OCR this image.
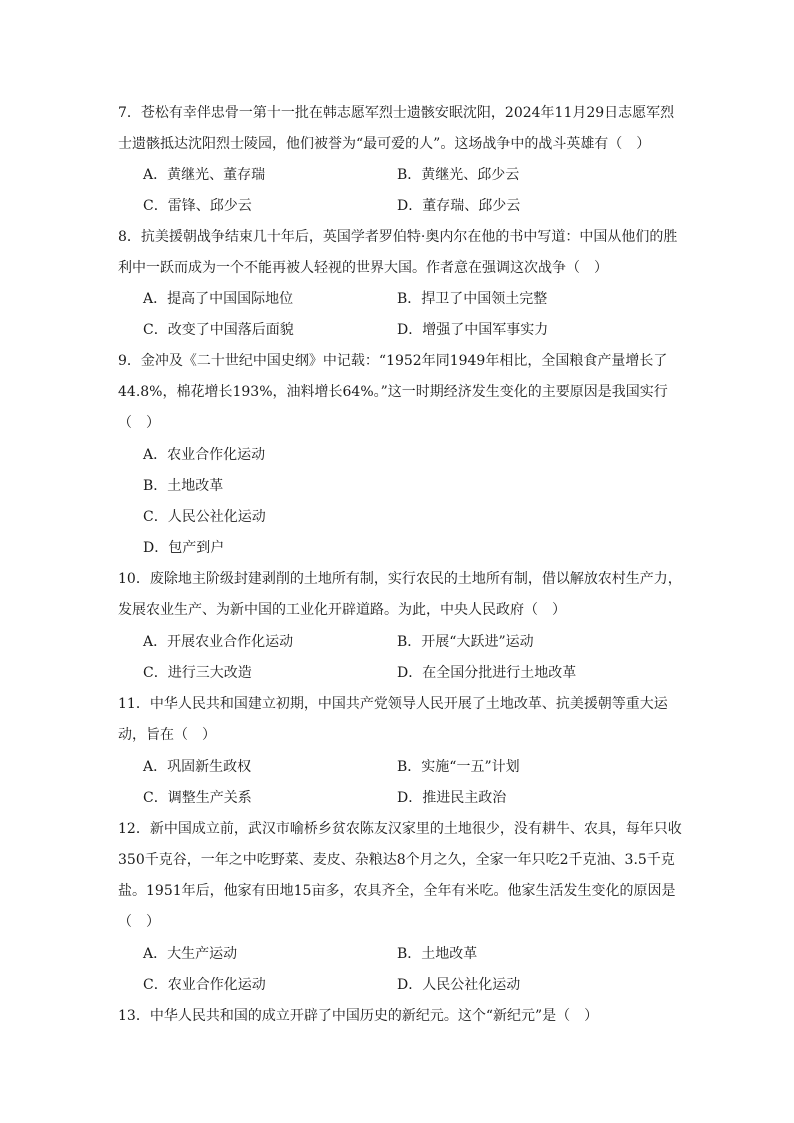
7．苍松有幸伴忠骨一第十一批在韩志愿军烈士遗骸安眠沈阳，2024年11月29日志愿军烈士遗骸抵达沈阳烈士陵园，他们被誉为“最可爱的人”。这场战争中的战斗英雄有（　）

A．黄继光、董存瑞	B．黄继光、邱少云
C．雷锋、邱少云	D．董存瑞、邱少云

8．抗美援朝战争结束几十年后，英国学者罗伯特·奥内尔在他的书中写道：中国从他们的胜利中一跃而成为一个不能再被人轻视的世界大国。作者意在强调这次战争（　）

A．提高了中国国际地位	B．捍卫了中国领土完整
C．改变了中国落后面貌	D．增强了中国军事实力

9．金冲及《二十世纪中国史纲》中记载：“1952年同1949年相比，全国粮食产量增长了44.8%，棉花增长193%，油料增长64%。”这一时期经济发生变化的主要原因是我国实行（　）

A．农业合作化运动
B．土地改革
C．人民公社化运动
D．包产到户

10．废除地主阶级封建剥削的土地所有制，实行农民的土地所有制，借以解放农村生产力，发展农业生产、为新中国的工业化开辟道路。为此，中央人民政府（　）

A．开展农业合作化运动	B．开展“大跃进”运动
C．进行三大改造	D．在全国分批进行土地改革

11．中华人民共和国建立初期，中国共产党领导人民开展了土地改革、抗美援朝等重大运动，旨在（　）

A．巩固新生政权	B．实施“一五”计划
C．调整生产关系	D．推进民主政治

12．新中国成立前，武汉市喻桥乡贫农陈友汉家里的土地很少，没有耕牛、农具，每年只收350千克谷，一年之中吃野菜、麦皮、杂粮达8个月之久，全家一年只吃2千克油、3.5千克盐。1951年后，他家有田地15亩多，农具齐全，全年有米吃。他家生活发生变化的原因是（　）

A．大生产运动	B．土地改革
C．农业合作化运动	D．人民公社化运动

13．中华人民共和国的成立开辟了中国历史的新纪元。这个“新纪元”是（　）
